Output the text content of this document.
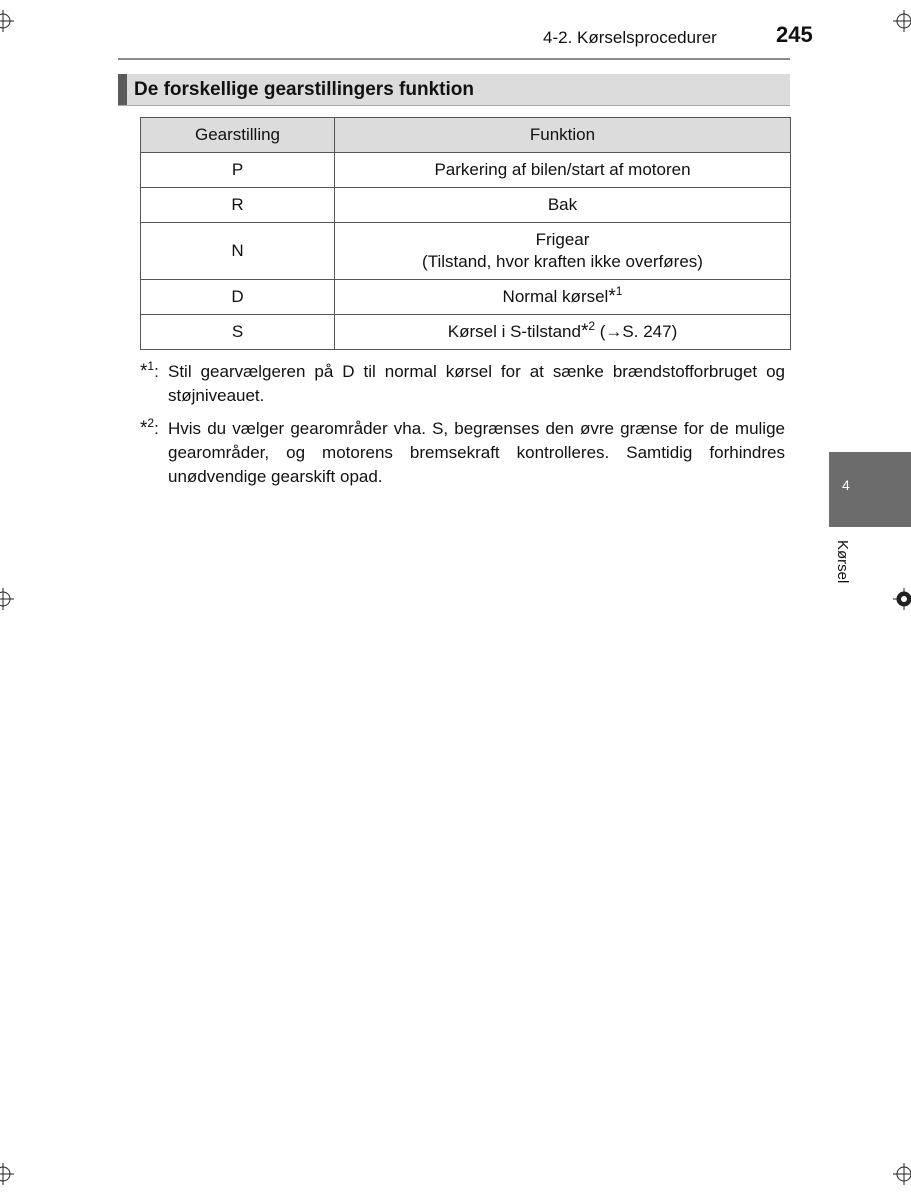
4-2. Kørselsprocedurer	245
De forskellige gearstillingers funktion
Gearstilling	Funktion
P	Parkering af bilen/start af motoren
R	Bak
N	Frigear
(Tilstand, hvor kraften ikke overføres)

D	Normal kørsel*$^1$
S	Kørsel i S-tilstand*$^2$ (→S. 247)
*$^1$: Stil gearvælgeren på D til normal kørsel for at sænke brændstofforbruget og støjniveauet.
*$^2$: Hvis du vælger gearområder vha. S, begrænses den øvre grænse for de mulige gearområder, og motorens bremsekraft kontrolleres. Samtidig forhindres unødvendige gearskift opad.	4
Kørsel
